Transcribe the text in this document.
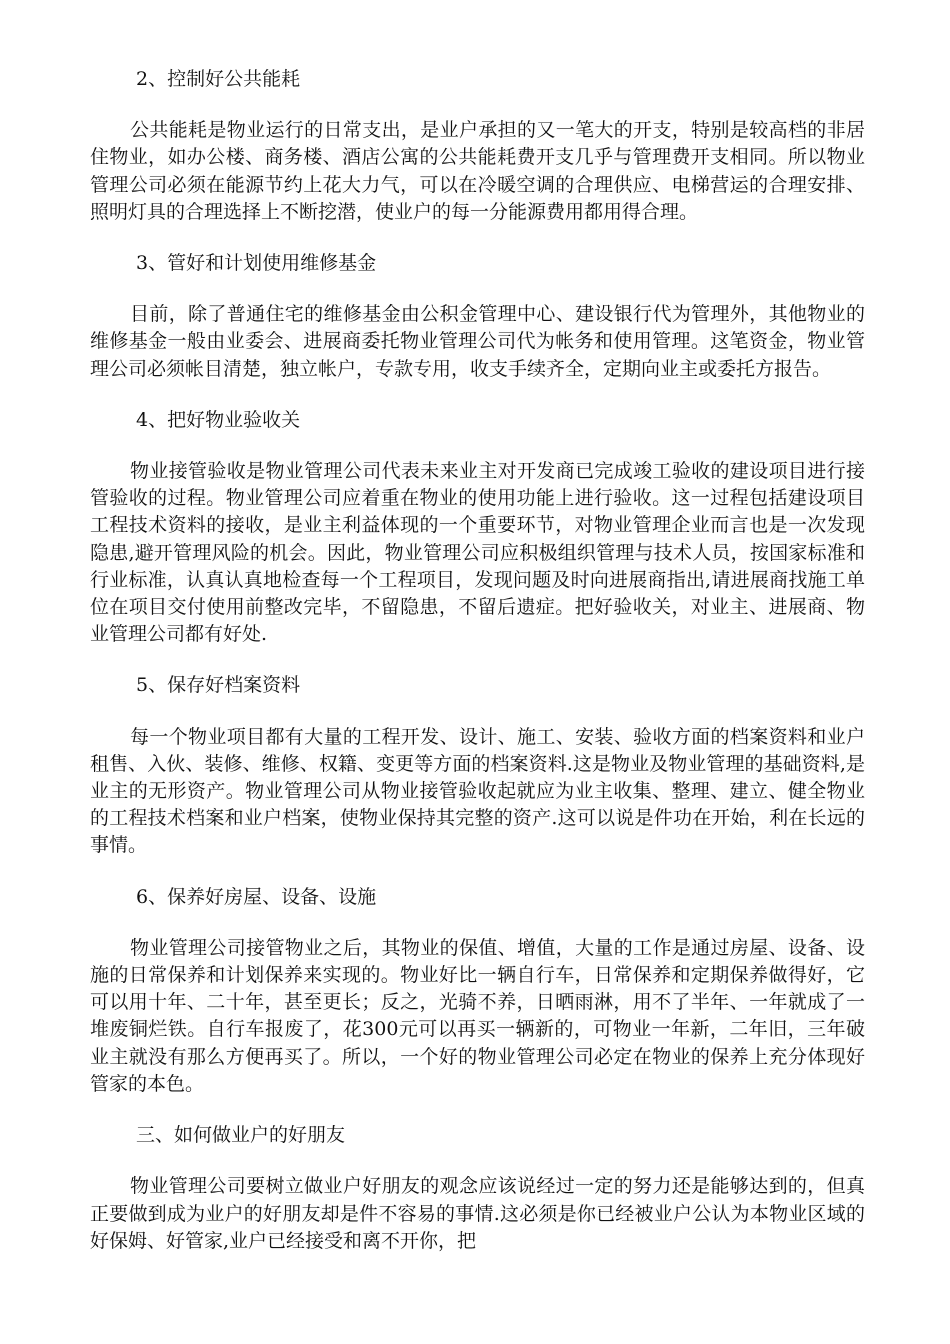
2、控制好公共能耗

公共能耗是物业运行的日常支出，是业户承担的又一笔大的开支，特别是较高档的非居住物业，如办公楼、商务楼、酒店公寓的公共能耗费开支几乎与管理费开支相同。所以物业管理公司必须在能源节约上花大力气，可以在冷暖空调的合理供应、电梯营运的合理安排、照明灯具的合理选择上不断挖潜，使业户的每一分能源费用都用得合理。

3、管好和计划使用维修基金

目前，除了普通住宅的维修基金由公积金管理中心、建设银行代为管理外，其他物业的维修基金一般由业委会、进展商委托物业管理公司代为帐务和使用管理。这笔资金，物业管理公司必须帐目清楚，独立帐户，专款专用，收支手续齐全，定期向业主或委托方报告。

4、把好物业验收关

物业接管验收是物业管理公司代表未来业主对开发商已完成竣工验收的建设项目进行接管验收的过程。物业管理公司应着重在物业的使用功能上进行验收。这一过程包括建设项目工程技术资料的接收，是业主利益体现的一个重要环节，对物业管理企业而言也是一次发现隐患,避开管理风险的机会。因此，物业管理公司应积极组织管理与技术人员，按国家标准和行业标准，认真认真地检查每一个工程项目，发现问题及时向进展商指出,请进展商找施工单位在项目交付使用前整改完毕，不留隐患，不留后遗症。把好验收关，对业主、进展商、物业管理公司都有好处.

5、保存好档案资料

每一个物业项目都有大量的工程开发、设计、施工、安装、验收方面的档案资料和业户租售、入伙、装修、维修、权籍、变更等方面的档案资料.这是物业及物业管理的基础资料,是业主的无形资产。物业管理公司从物业接管验收起就应为业主收集、整理、建立、健全物业的工程技术档案和业户档案，使物业保持其完整的资产.这可以说是件功在开始，利在长远的事情。

6、保养好房屋、设备、设施

物业管理公司接管物业之后，其物业的保值、增值，大量的工作是通过房屋、设备、设施的日常保养和计划保养来实现的。物业好比一辆自行车，日常保养和定期保养做得好，它可以用十年、二十年，甚至更长；反之，光骑不养，日晒雨淋，用不了半年、一年就成了一堆废铜烂铁。自行车报废了，花300元可以再买一辆新的，可物业一年新，二年旧，三年破业主就没有那么方便再买了。所以，一个好的物业管理公司必定在物业的保养上充分体现好管家的本色。

三、如何做业户的好朋友

物业管理公司要树立做业户好朋友的观念应该说经过一定的努力还是能够达到的，但真正要做到成为业户的好朋友却是件不容易的事情.这必须是你已经被业户公认为本物业区域的好保姆、好管家,业户已经接受和离不开你，把
